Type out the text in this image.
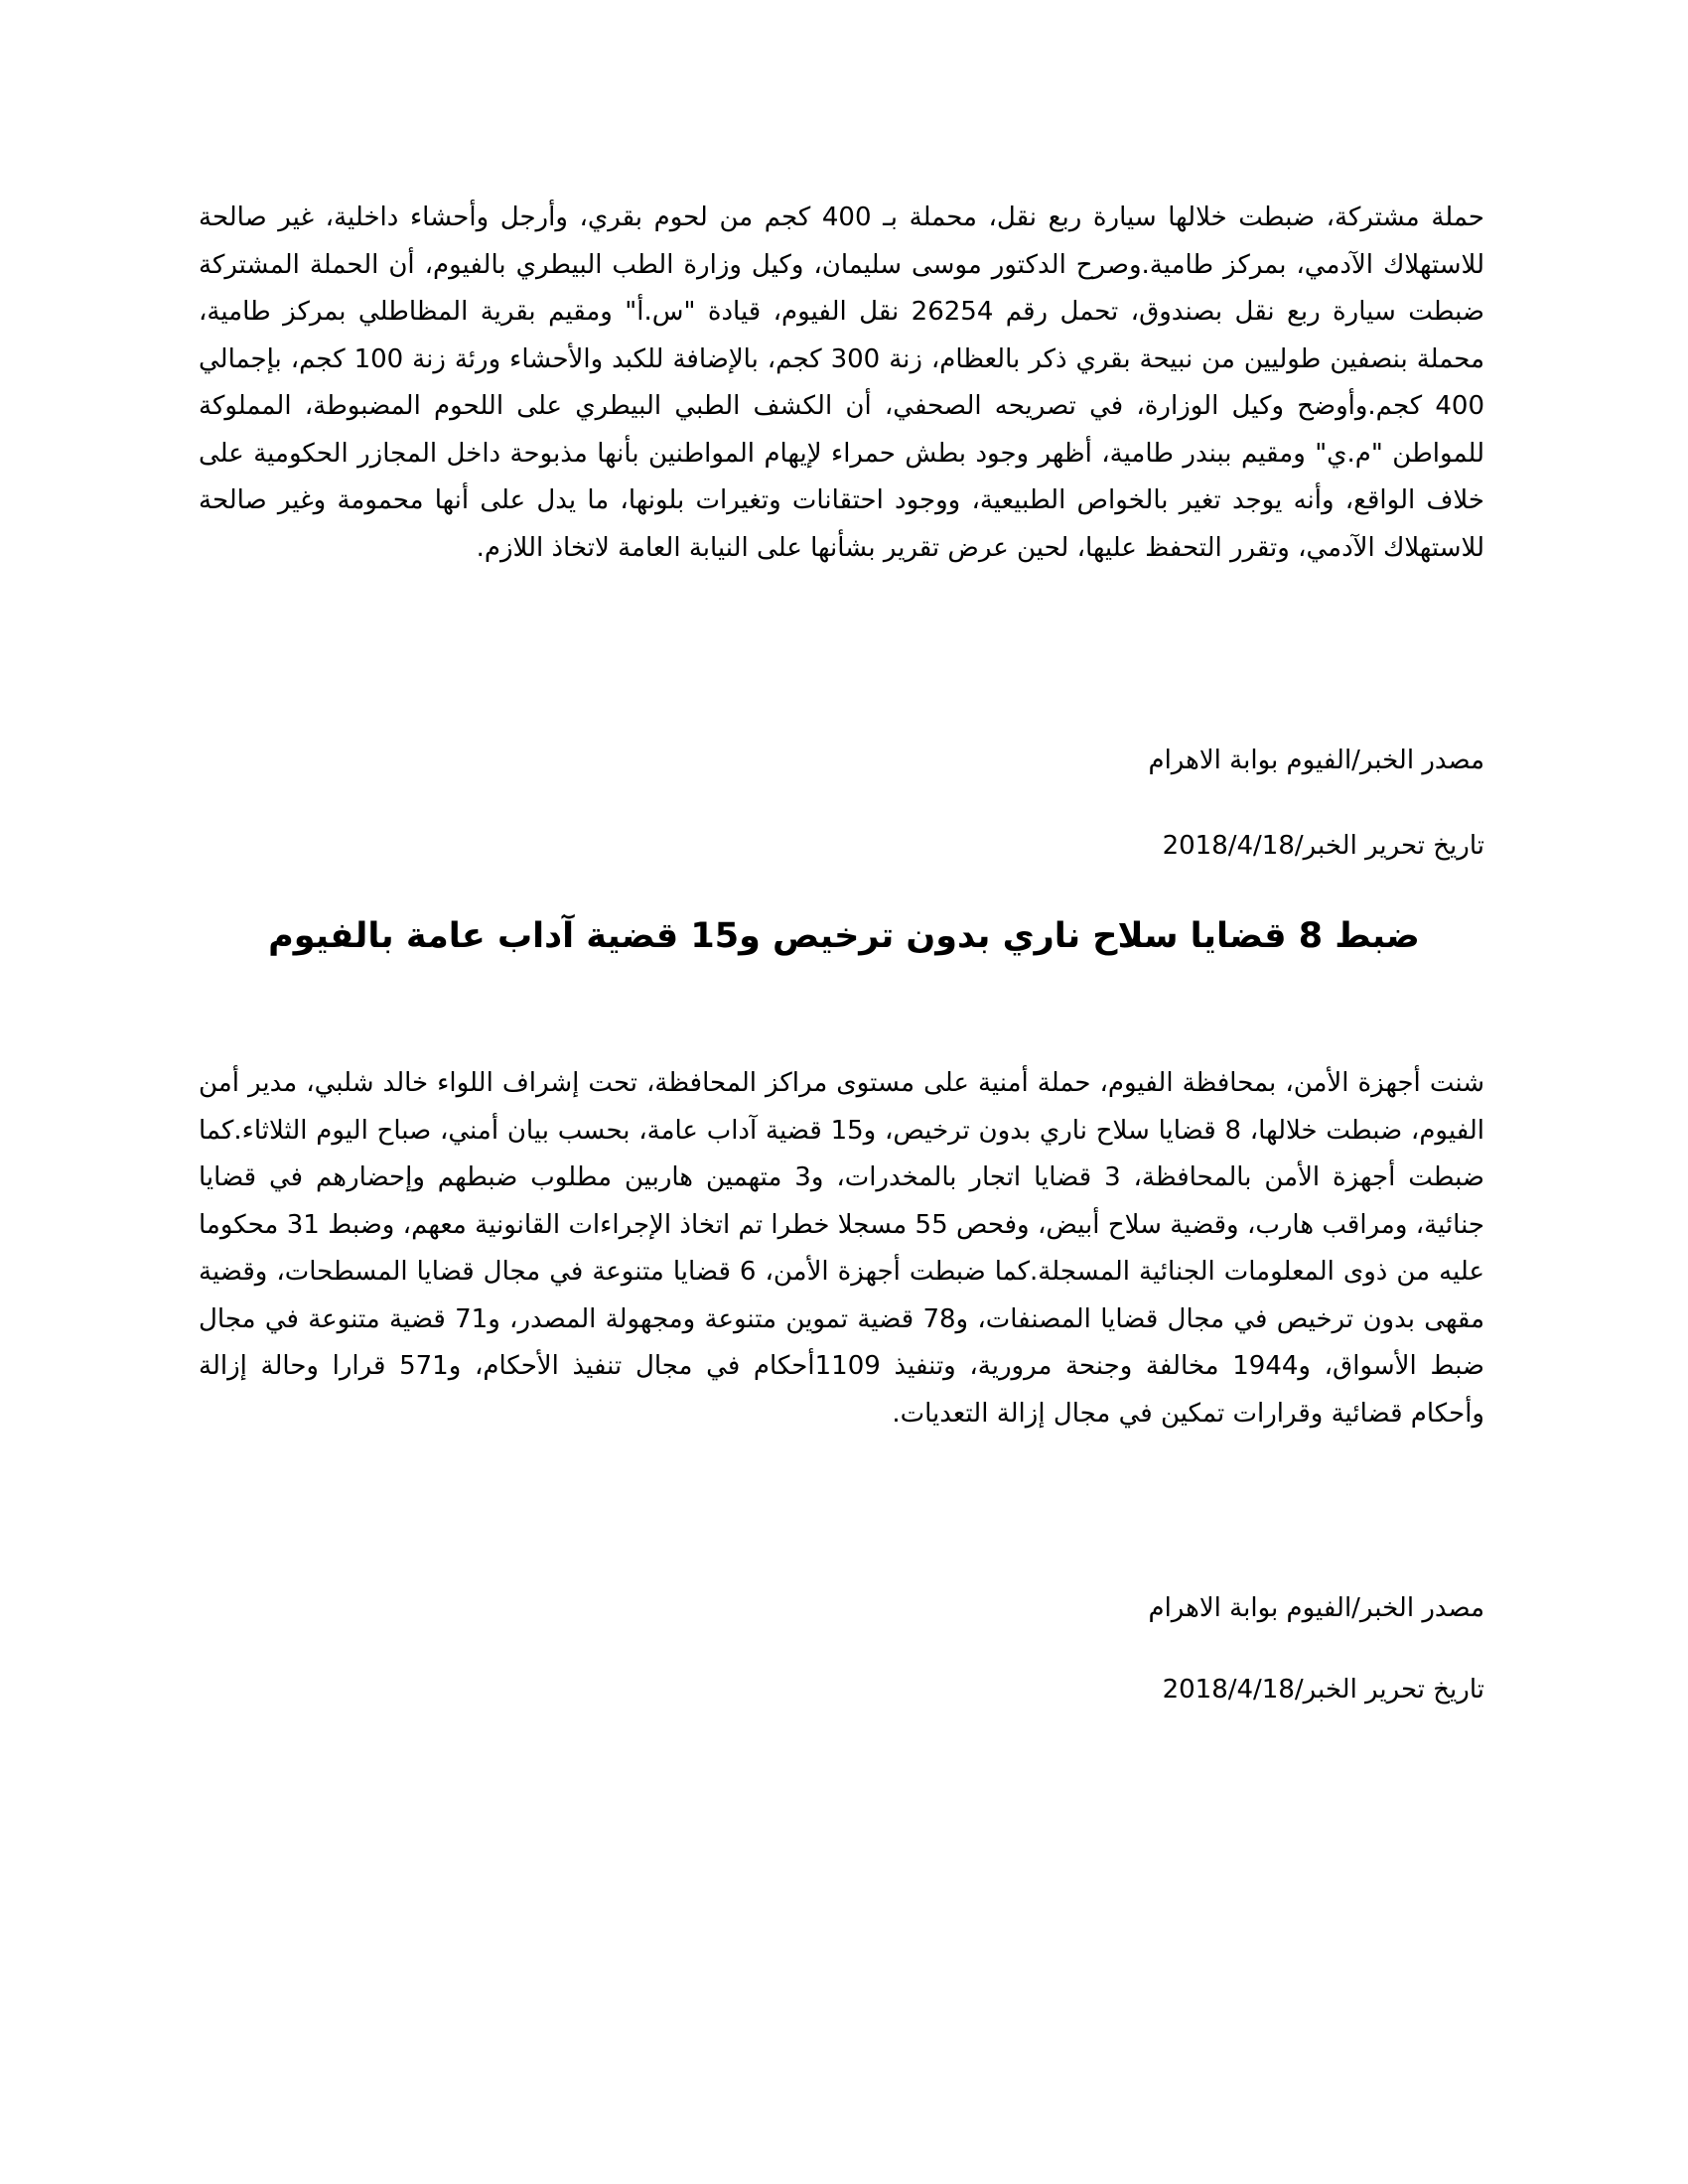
حملة مشتركة، ضبطت خلالها سيارة ربع نقل، محملة بـ 400 كجم من لحوم بقري، وأرجل وأحشاء داخلية، غير صالحة للاستهلاك الآدمي، بمركز طامية.وصرح الدكتور موسى سليمان، وكيل وزارة الطب البيطري بالفيوم، أن الحملة المشتركة ضبطت سيارة ربع نقل بصندوق، تحمل رقم 26254 نقل الفيوم، قيادة "س.أ" ومقيم بقرية المظاطلي بمركز طامية، محملة بنصفين طوليين من نبيحة بقري ذكر بالعظام، زنة 300 كجم، بالإضافة للكبد والأحشاء ورئة زنة 100 كجم، بإجمالي 400 كجم.وأوضح وكيل الوزارة، في تصريحه الصحفي، أن الكشف الطبي البيطري على اللحوم المضبوطة، المملوكة للمواطن "م.ي" ومقيم ببندر طامية، أظهر وجود بطش حمراء لإيهام المواطنين بأنها مذبوحة داخل المجازر الحكومية على خلاف الواقع، وأنه يوجد تغير بالخواص الطبيعية، ووجود احتقانات وتغيرات بلونها، ما يدل على أنها محمومة وغير صالحة للاستهلاك الآدمي، وتقرر التحفظ عليها، لحين عرض تقرير بشأنها على النيابة العامة لاتخاذ اللازم.

مصدر الخبر/الفيوم بوابة الاهرام

تاريخ تحرير الخبر/2018/4/18

ضبط 8 قضايا سلاح ناري بدون ترخيص و15 قضية آداب عامة بالفيوم

شنت أجهزة الأمن، بمحافظة الفيوم، حملة أمنية على مستوى مراكز المحافظة، تحت إشراف اللواء خالد شلبي، مدير أمن الفيوم، ضبطت خلالها، 8 قضايا سلاح ناري بدون ترخيص، و15 قضية آداب عامة، بحسب بيان أمني، صباح اليوم الثلاثاء.كما ضبطت أجهزة الأمن بالمحافظة، 3 قضايا اتجار بالمخدرات، و3 متهمين هاربين مطلوب ضبطهم وإحضارهم في قضايا جنائية، ومراقب هارب، وقضية سلاح أبيض، وفحص 55 مسجلا خطرا تم اتخاذ الإجراءات القانونية معهم، وضبط 31 محكوما عليه من ذوى المعلومات الجنائية المسجلة.كما ضبطت أجهزة الأمن، 6 قضايا متنوعة في مجال قضايا المسطحات، وقضية مقهى بدون ترخيص في مجال قضايا المصنفات، و78 قضية تموين متنوعة ومجهولة المصدر، و71 قضية متنوعة في مجال ضبط الأسواق، و1944 مخالفة وجنحة مرورية، وتنفيذ 1109أحكام في مجال تنفيذ الأحكام، و571 قرارا وحالة إزالة وأحكام قضائية وقرارات تمكين في مجال إزالة التعديات.

مصدر الخبر/الفيوم بوابة الاهرام

تاريخ تحرير الخبر/2018/4/18
